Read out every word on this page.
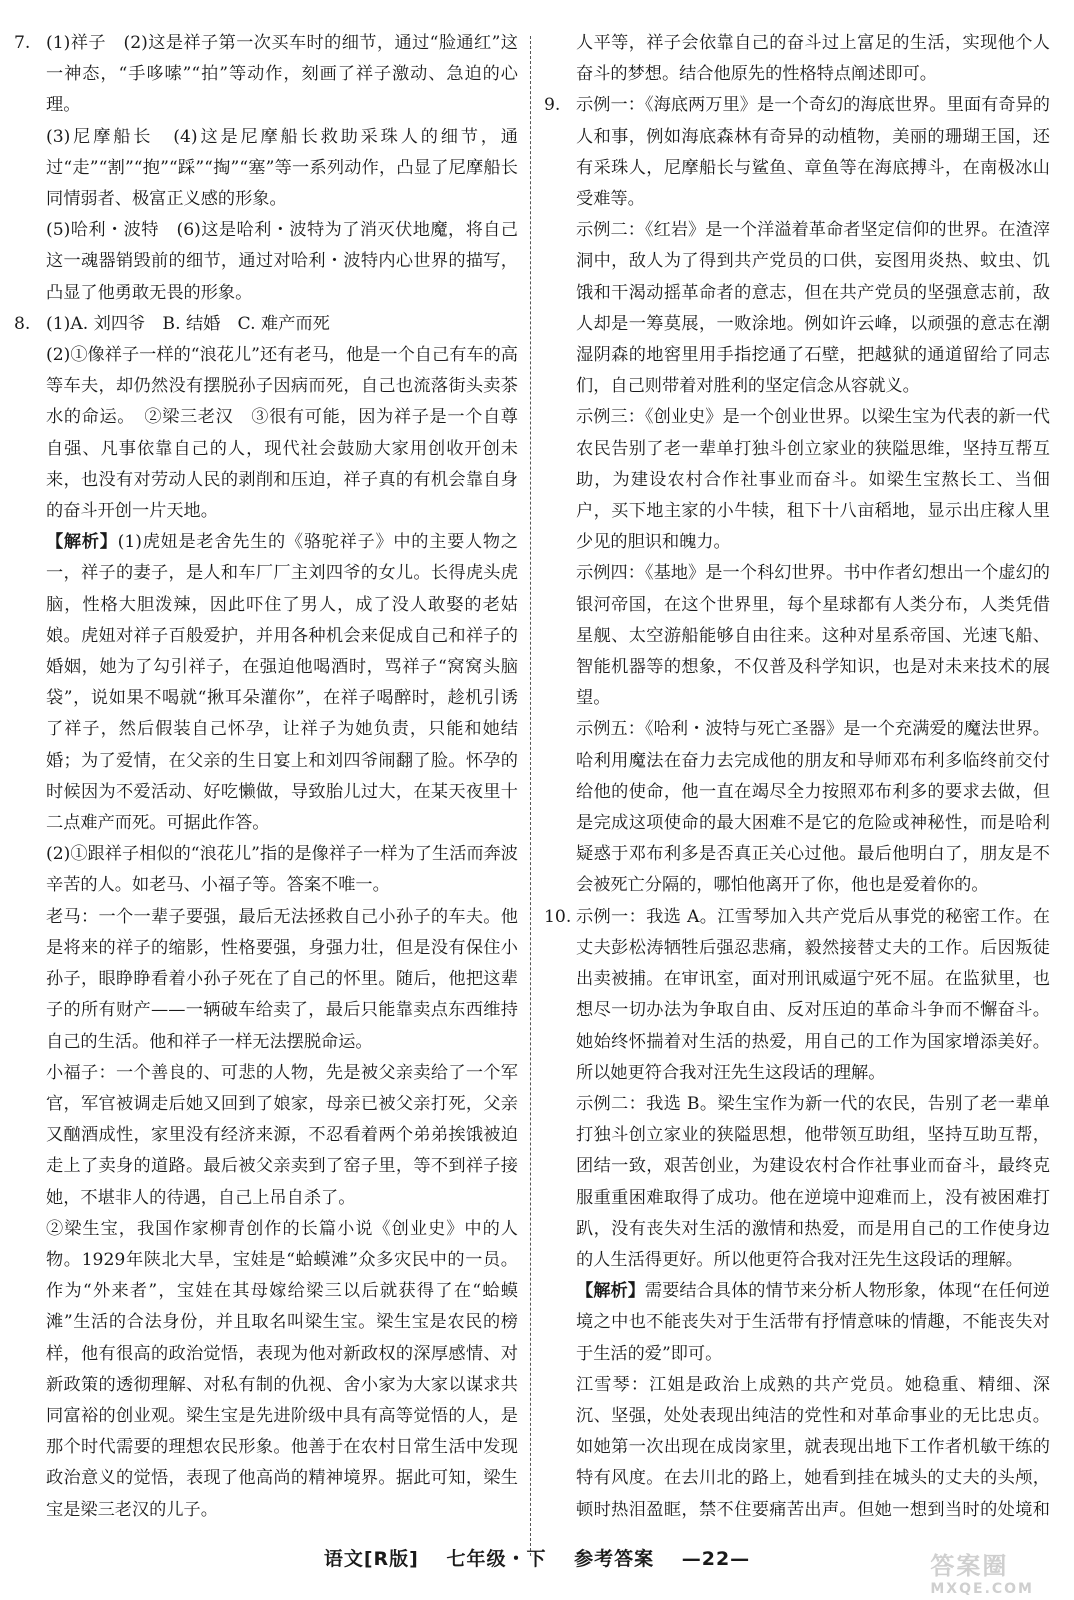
7. (1)祥子　(2)这是祥子第一次买车时的细节，通过“脸通红”这一神态，“手哆嗦”“拍”等动作，刻画了祥子激动、急迫的心理。

(3)尼摩船长　(4)这是尼摩船长救助采珠人的细节，通过“走”“割”“抱”“踩”“掏”“塞”等一系列动作，凸显了尼摩船长同情弱者、极富正义感的形象。

(5)哈利・波特　(6)这是哈利・波特为了消灭伏地魔，将自己这一魂器销毁前的细节，通过对哈利・波特内心世界的描写，凸显了他勇敢无畏的形象。

8. (1)A. 刘四爷　B. 结婚　C. 难产而死

(2)①像祥子一样的“浪花儿”还有老马，他是一个自己有车的高等车夫，却仍然没有摆脱孙子因病而死，自己也流落街头卖茶水的命运。　②梁三老汉　③很有可能，因为祥子是一个自尊自强、凡事依靠自己的人，现代社会鼓励大家用创收开创未来，也没有对劳动人民的剥削和压迫，祥子真的有机会靠自身的奋斗开创一片天地。

【解析】(1)虎妞是老舍先生的《骆驼祥子》中的主要人物之一，祥子的妻子，是人和车厂厂主刘四爷的女儿。长得虎头虎脑，性格大胆泼辣，因此吓住了男人，成了没人敢娶的老姑娘。虎妞对祥子百般爱护，并用各种机会来促成自己和祥子的婚姻，她为了勾引祥子，在强迫他喝酒时，骂祥子“窝窝头脑袋”，说如果不喝就“揪耳朵灌你”，在祥子喝醉时，趁机引诱了祥子，然后假装自己怀孕，让祥子为她负责，只能和她结婚；为了爱情，在父亲的生日宴上和刘四爷闹翻了脸。怀孕的时候因为不爱活动、好吃懒做，导致胎儿过大，在某天夜里十二点难产而死。可据此作答。

(2)①跟祥子相似的“浪花儿”指的是像祥子一样为了生活而奔波辛苦的人。如老马、小福子等。答案不唯一。

老马：一个一辈子要强，最后无法拯救自己小孙子的车夫。他是将来的祥子的缩影，性格要强，身强力壮，但是没有保住小孙子，眼睁睁看着小孙子死在了自己的怀里。随后，他把这辈子的所有财产——一辆破车给卖了，最后只能靠卖点东西维持自己的生活。他和祥子一样无法摆脱命运。

小福子：一个善良的、可悲的人物，先是被父亲卖给了一个军官，军官被调走后她又回到了娘家，母亲已被父亲打死，父亲又酗酒成性，家里没有经济来源，不忍看着两个弟弟挨饿被迫走上了卖身的道路。最后被父亲卖到了窑子里，等不到祥子接她，不堪非人的待遇，自己上吊自杀了。

②梁生宝，我国作家柳青创作的长篇小说《创业史》中的人物。1929年陕北大旱，宝娃是“蛤蟆滩”众多灾民中的一员。作为“外来者”，宝娃在其母嫁给梁三以后就获得了在“蛤蟆滩”生活的合法身份，并且取名叫梁生宝。梁生宝是农民的榜样，他有很高的政治觉悟，表现为他对新政权的深厚感情、对新政策的透彻理解、对私有制的仇视、舍小家为大家以谋求共同富裕的创业观。梁生宝是先进阶级中具有高等觉悟的人，是那个时代需要的理想农民形象。他善于在农村日常生活中发现政治意义的觉悟，表现了他高尚的精神境界。据此可知，梁生宝是梁三老汉的儿子。

人平等，祥子会依靠自己的奋斗过上富足的生活，实现他个人奋斗的梦想。结合他原先的性格特点阐述即可。

9. 示例一：《海底两万里》是一个奇幻的海底世界。里面有奇异的人和事，例如海底森林有奇异的动植物，美丽的珊瑚王国，还有采珠人，尼摩船长与鲨鱼、章鱼等在海底搏斗，在南极冰山受难等。

示例二：《红岩》是一个洋溢着革命者坚定信仰的世界。在渣滓洞中，敌人为了得到共产党员的口供，妄图用炎热、蚊虫、饥饿和干渴动摇革命者的意志，但在共产党员的坚强意志前，敌人却是一筹莫展，一败涂地。例如许云峰，以顽强的意志在潮湿阴森的地窖里用手指挖通了石壁，把越狱的通道留给了同志们，自己则带着对胜利的坚定信念从容就义。

示例三：《创业史》是一个创业世界。以梁生宝为代表的新一代农民告别了老一辈单打独斗创立家业的狭隘思维，坚持互帮互助，为建设农村合作社事业而奋斗。如梁生宝熬长工、当佃户，买下地主家的小牛犊，租下十八亩稻地，显示出庄稼人里少见的胆识和魄力。

示例四：《基地》是一个科幻世界。书中作者幻想出一个虚幻的银河帝国，在这个世界里，每个星球都有人类分布，人类凭借星舰、太空游船能够自由往来。这种对星系帝国、光速飞船、智能机器等的想象，不仅普及科学知识，也是对未来技术的展望。

示例五：《哈利・波特与死亡圣器》是一个充满爱的魔法世界。哈利用魔法在奋力去完成他的朋友和导师邓布利多临终前交付给他的使命，他一直在竭尽全力按照邓布利多的要求去做，但是完成这项使命的最大困难不是它的危险或神秘性，而是哈利疑惑于邓布利多是否真正关心过他。最后他明白了，朋友是不会被死亡分隔的，哪怕他离开了你，他也是爱着你的。

10. 示例一：我选 A。江雪琴加入共产党后从事党的秘密工作。在丈夫彭松涛牺牲后强忍悲痛，毅然接替丈夫的工作。后因叛徒出卖被捕。在审讯室，面对刑讯威逼宁死不屈。在监狱里，也想尽一切办法为争取自由、反对压迫的革命斗争而不懈奋斗。她始终怀揣着对生活的热爱，用自己的工作为国家增添美好。所以她更符合我对汪先生这段话的理解。

示例二：我选 B。梁生宝作为新一代的农民，告别了老一辈单打独斗创立家业的狭隘思想，他带领互助组，坚持互助互帮，团结一致，艰苦创业，为建设农村合作社事业而奋斗，最终克服重重困难取得了成功。他在逆境中迎难而上，没有被困难打趴，没有丧失对生活的激情和热爱，而是用自己的工作使身边的人生活得更好。所以他更符合我对汪先生这段话的理解。

【解析】需要结合具体的情节来分析人物形象，体现“在任何逆境之中也不能丧失对于生活带有抒情意味的情趣，不能丧失对于生活的爱”即可。

江雪琴：江姐是政治上成熟的共产党员。她稳重、精细、深沉、坚强，处处表现出纯洁的党性和对革命事业的无比忠贞。如她第一次出现在成岗家里，就表现出地下工作者机敏干练的特有风度。在去川北的路上，她看到挂在城头的丈夫的头颅，顿时热泪盈眶，禁不住要痛苦出声。但她一想到当时的处境和

语文[R版] 七年级・下 参考答案 —22—	答案圈
MXQE.COM
